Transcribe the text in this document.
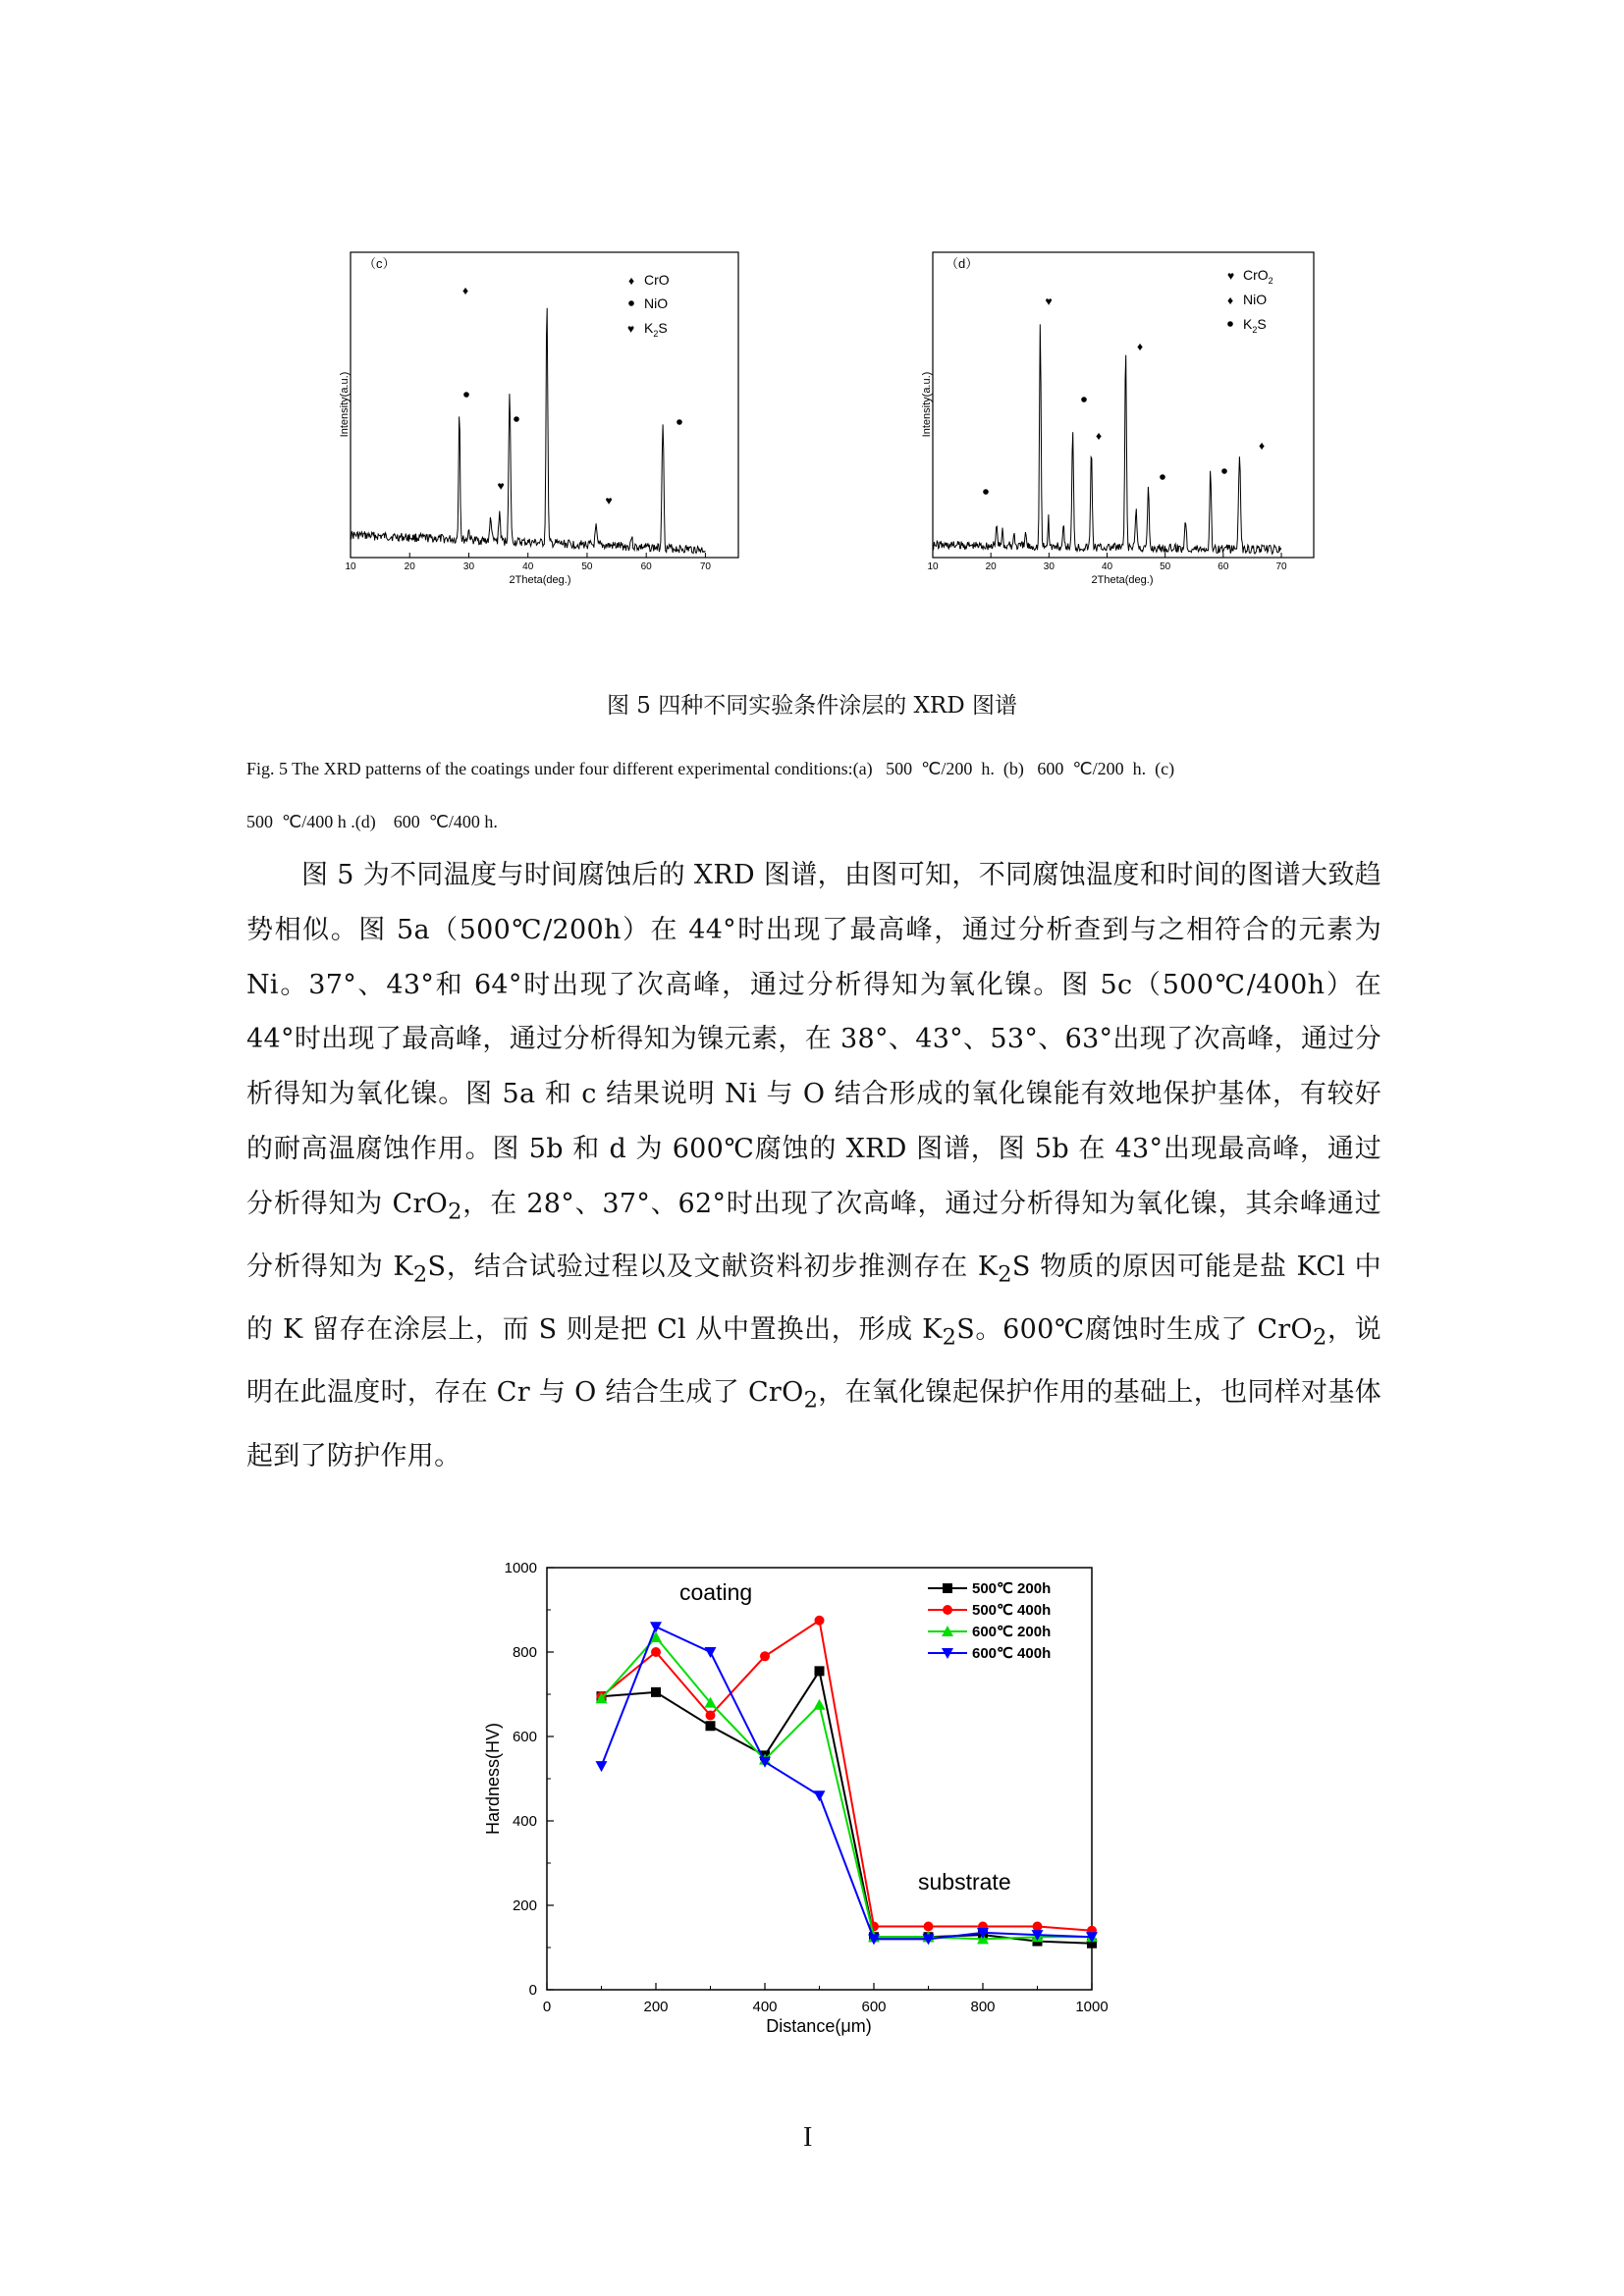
（c）
Intensity(a.u.)
2Theta(deg.)
10	20	30	40	50	60	70
♦
♥
♥
♦ CrO
NiO
♥ $K_2S$
（d）
Intensity(a.u.)
2Theta(deg.)
10	20	30	40	50	60	70
♥
♦
♦
♦
♥ CrO$_2$
♦ NiO
$K_2S$
图 5 四种不同实验条件涂层的 XRD 图谱
Fig. 5 The XRD patterns of the coatings under four different experimental conditions:(a)   500  ℃/200  h.  (b)   600  ℃/200  h.  (c)
500  ℃/400 h .(d)    600  ℃/400 h.
图 5 为不同温度与时间腐蚀后的 XRD 图谱，由图可知，不同腐蚀温度和时间的图谱大致趋势相似。图 5a（500℃/200h）在 44°时出现了最高峰，通过分析查到与之相符合的元素为 Ni。37°、43°和 64°时出现了次高峰，通过分析得知为氧化镍。图 5c（500℃/400h）在 44°时出现了最高峰，通过分析得知为镍元素，在 38°、43°、53°、63°出现了次高峰，通过分析得知为氧化镍。图 5a 和 c 结果说明 Ni 与 O 结合形成的氧化镍能有效地保护基体，有较好的耐高温腐蚀作用。图 5b 和 d 为 600℃腐蚀的 XRD 图谱，图 5b 在 43°出现最高峰，通过分析得知为 CrO$_2$，在 28°、37°、62°时出现了次高峰，通过分析得知为氧化镍，其余峰通过分析得知为 $K_2S$，结合试验过程以及文献资料初步推测存在 $K_2S$ 物质的原因可能是盐 KCl 中的 K 留存在涂层上，而 S 则是把 Cl 从中置换出，形成 $K_2S$。600℃腐蚀时生成了 CrO$_2$，说明在此温度时，存在 Cr 与 O 结合生成了 CrO$_2$，在氧化镍起保护作用的基础上，也同样对基体起到了防护作用。
0	200	400	600	800	1000
0
200
400
600
800
1000
Distance(μm)
Hardness(HV)
coating
substrate
500℃ 200h
500℃ 400h
600℃ 200h
600℃ 400h
I
